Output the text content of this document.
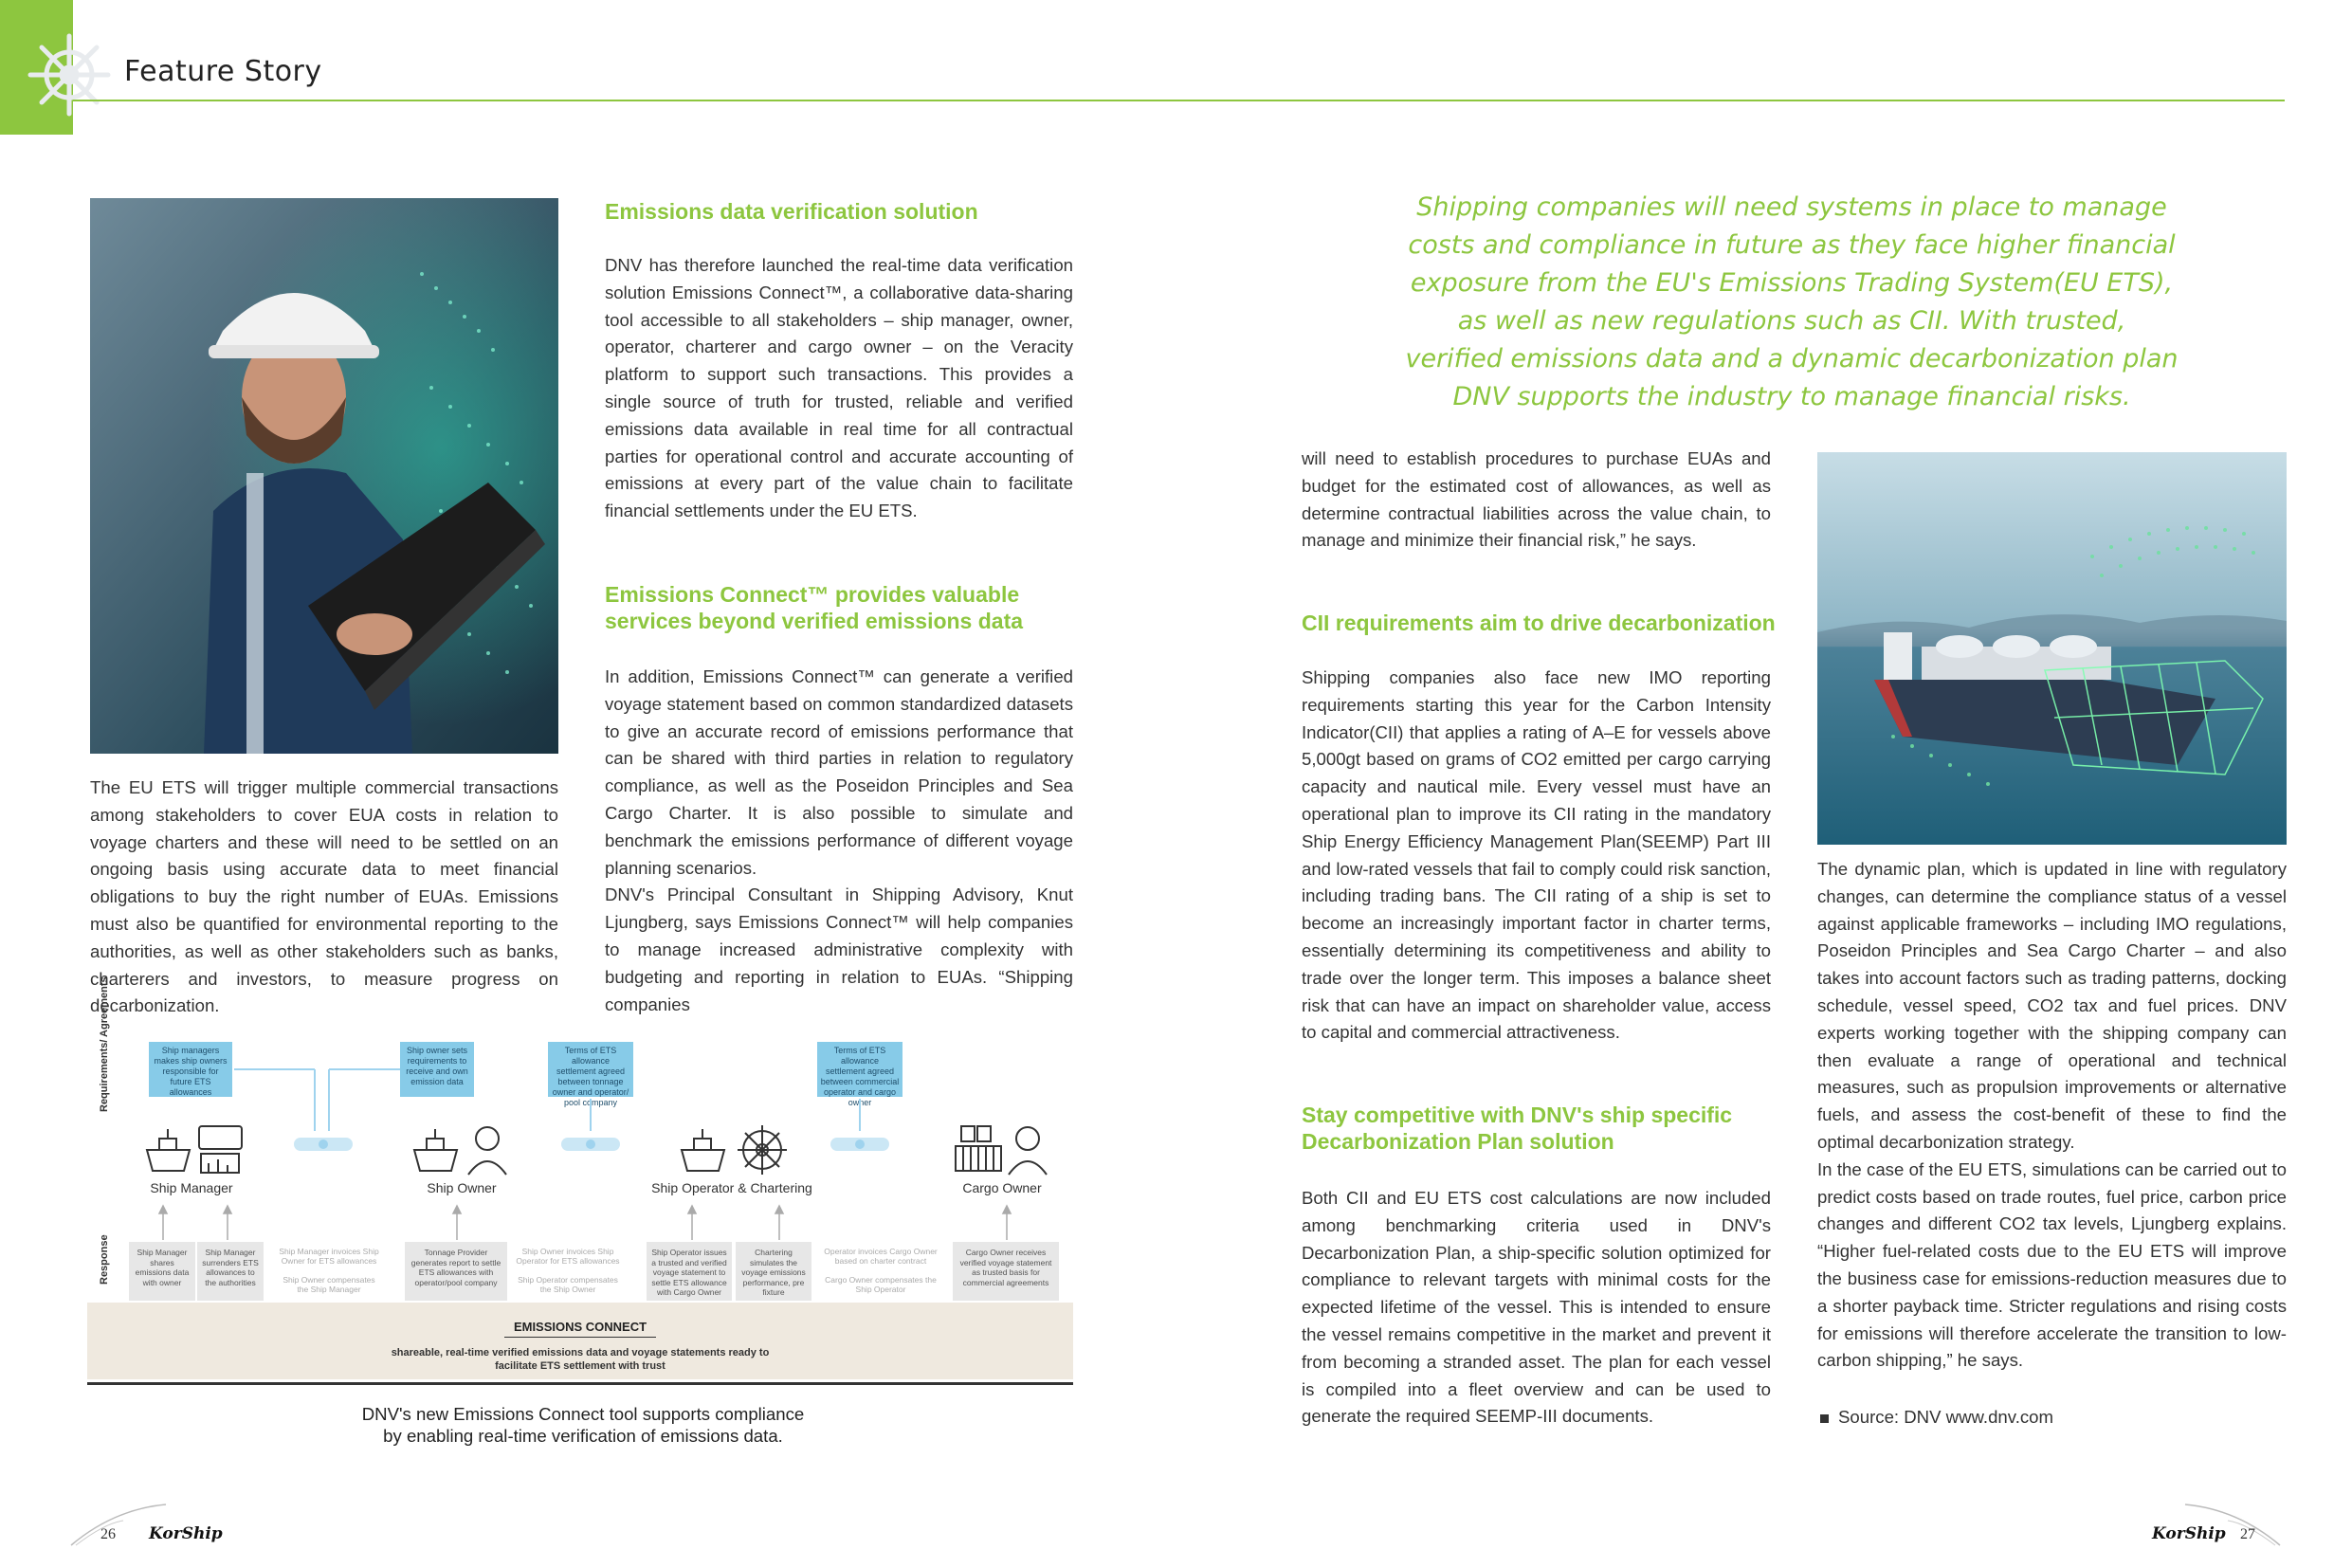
Feature Story

The EU ETS will trigger multiple commercial transactions among stakeholders to cover EUA costs in relation to voyage charters and these will need to be settled on an ongoing basis using accurate data to meet financial obligations to buy the right number of EUAs. Emissions must also be quantified for environmental reporting to the authorities, as well as other stakeholders such as banks, charterers and investors, to measure progress on decarbonization.

Emissions data verification solution

DNV has therefore launched the real-time data verification solution Emissions Connect™, a collaborative data-sharing tool accessible to all stakeholders – ship manager, owner, operator, charterer and cargo owner – on the Veracity platform to support such transactions. This provides a single source of truth for trusted, reliable and verified emissions data available in real time for all contractual parties for operational control and accurate accounting of emissions at every part of the value chain to facilitate financial settlements under the EU ETS.

Emissions Connect™ provides valuable
services beyond verified emissions data

In addition, Emissions Connect™ can generate a verified voyage statement based on common standardized datasets to give an accurate record of emissions performance that can be shared with third parties in relation to regulatory compliance, as well as the Poseidon Principles and Sea Cargo Charter. It is also possible to simulate and benchmark the emissions performance of different voyage planning scenarios.

DNV's Principal Consultant in Shipping Advisory, Knut Ljungberg, says Emissions Connect™ will help companies to manage increased administrative complexity with budgeting and reporting in relation to EUAs. “Shipping companies

Requirements/ Agreements
Response
Ship managers makes ship owners responsible for future ETS allowances
Ship owner sets requirements to receive and own emission data
Terms of ETS allowance settlement agreed between tonnage owner and operator/ pool company
Terms of ETS allowance settlement agreed between commercial operator and cargo owner
Ship Manager	Ship Owner	Ship Operator & Chartering	Cargo Owner
Ship Manager shares emissions data with owner
Ship Manager surrenders ETS allowances to the authorities
Ship Manager invoices Ship Owner for ETS allowances
Ship Owner compensates the Ship Manager
Tonnage Provider generates report to settle ETS allowances with operator/pool company
Ship Owner invoices Ship Operator for ETS allowances
Ship Operator compensates the Ship Owner
Ship Operator issues a trusted and verified voyage statement to settle ETS allowance with Cargo Owner
Chartering simulates the voyage emissions performance, pre fixture
Operator invoices Cargo Owner based on charter contract
Cargo Owner compensates the Ship Operator
Cargo Owner receives verified voyage statement as trusted basis for commercial agreements
EMISSIONS CONNECT
shareable, real-time verified emissions data and voyage statements ready to
facilitate ETS settlement with trust
DNV's new Emissions Connect tool supports compliance
by enabling real-time verification of emissions data.
Shipping companies will need systems in place to manage
costs and compliance in future as they face higher financial
exposure from the EU's Emissions Trading System(EU ETS),
as well as new regulations such as CII. With trusted,
verified emissions data and a dynamic decarbonization plan
DNV supports the industry to manage financial risks.

will need to establish procedures to purchase EUAs and budget for the estimated cost of allowances, as well as determine contractual liabilities across the value chain, to manage and minimize their financial risk,” he says.

CII requirements aim to drive decarbonization

Shipping companies also face new IMO reporting requirements starting this year for the Carbon Intensity Indicator(CII) that applies a rating of A–E for vessels above 5,000gt based on grams of CO2 emitted per cargo carrying capacity and nautical mile. Every vessel must have an operational plan to improve its CII rating in the mandatory Ship Energy Efficiency Management Plan(SEEMP) Part III and low-rated vessels that fail to comply could risk sanction, including trading bans. The CII rating of a ship is set to become an increasingly important factor in charter terms, essentially determining its competitiveness and ability to trade over the longer term. This imposes a balance sheet risk that can have an impact on shareholder value, access to capital and commercial attractiveness.

Stay competitive with DNV's ship specific
Decarbonization Plan solution

Both CII and EU ETS cost calculations are now included among benchmarking criteria used in DNV's Decarbonization Plan, a ship-specific solution optimized for compliance to relevant targets with minimal costs for the expected lifetime of the vessel. This is intended to ensure the vessel remains competitive in the market and prevent it from becoming a stranded asset. The plan for each vessel is compiled into a fleet overview and can be used to generate the required SEEMP-III documents.

The dynamic plan, which is updated in line with regulatory changes, can determine the compliance status of a vessel against applicable frameworks – including IMO regulations, Poseidon Principles and Sea Cargo Charter – and also takes into account factors such as trading patterns, docking schedule, vessel speed, CO2 tax and fuel prices. DNV experts working together with the shipping company can then evaluate a range of operational and technical measures, such as propulsion improvements or alternative fuels, and assess the cost-benefit of these to find the optimal decarbonization strategy.

In the case of the EU ETS, simulations can be carried out to predict costs based on trade routes, fuel price, carbon price changes and different CO2 tax levels, Ljungberg explains. “Higher fuel-related costs due to the EU ETS will improve the business case for emissions-reduction measures due to a shorter payback time. Stricter regulations and rising costs for emissions will therefore accelerate the transition to low-carbon shipping,” he says.

Source: DNV www.dnv.com
26 KorShip	KorShip 27
